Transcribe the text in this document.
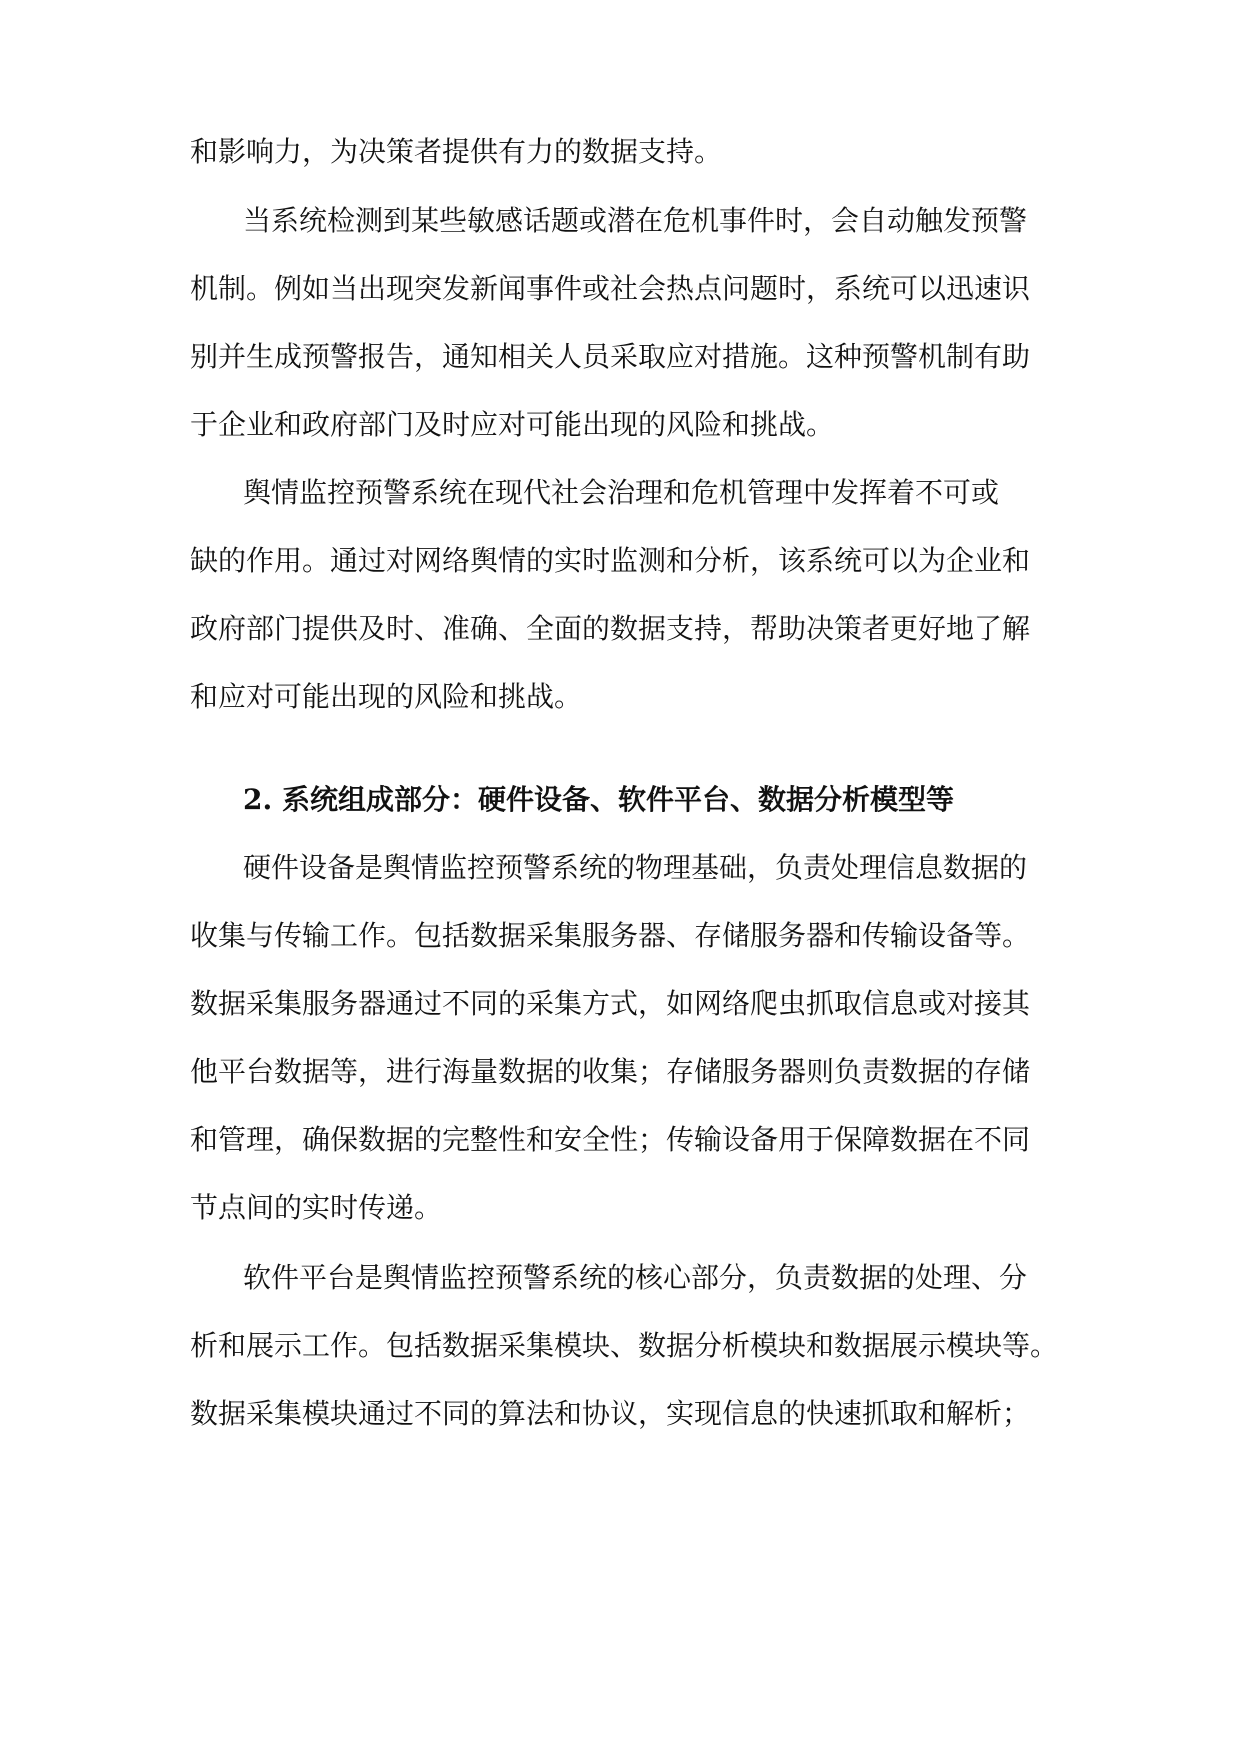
和影响力，为决策者提供有力的数据支持。
当系统检测到某些敏感话题或潜在危机事件时，会自动触发预警
机制。例如当出现突发新闻事件或社会热点问题时，系统可以迅速识
别并生成预警报告，通知相关人员采取应对措施。这种预警机制有助
于企业和政府部门及时应对可能出现的风险和挑战。
舆情监控预警系统在现代社会治理和危机管理中发挥着不可或
缺的作用。通过对网络舆情的实时监测和分析，该系统可以为企业和
政府部门提供及时、准确、全面的数据支持，帮助决策者更好地了解
和应对可能出现的风险和挑战。
2. 系统组成部分：硬件设备、软件平台、数据分析模型等
硬件设备是舆情监控预警系统的物理基础，负责处理信息数据的
收集与传输工作。包括数据采集服务器、存储服务器和传输设备等。
数据采集服务器通过不同的采集方式，如网络爬虫抓取信息或对接其
他平台数据等，进行海量数据的收集；存储服务器则负责数据的存储
和管理，确保数据的完整性和安全性；传输设备用于保障数据在不同
节点间的实时传递。
软件平台是舆情监控预警系统的核心部分，负责数据的处理、分
析和展示工作。包括数据采集模块、数据分析模块和数据展示模块等。
数据采集模块通过不同的算法和协议，实现信息的快速抓取和解析；
